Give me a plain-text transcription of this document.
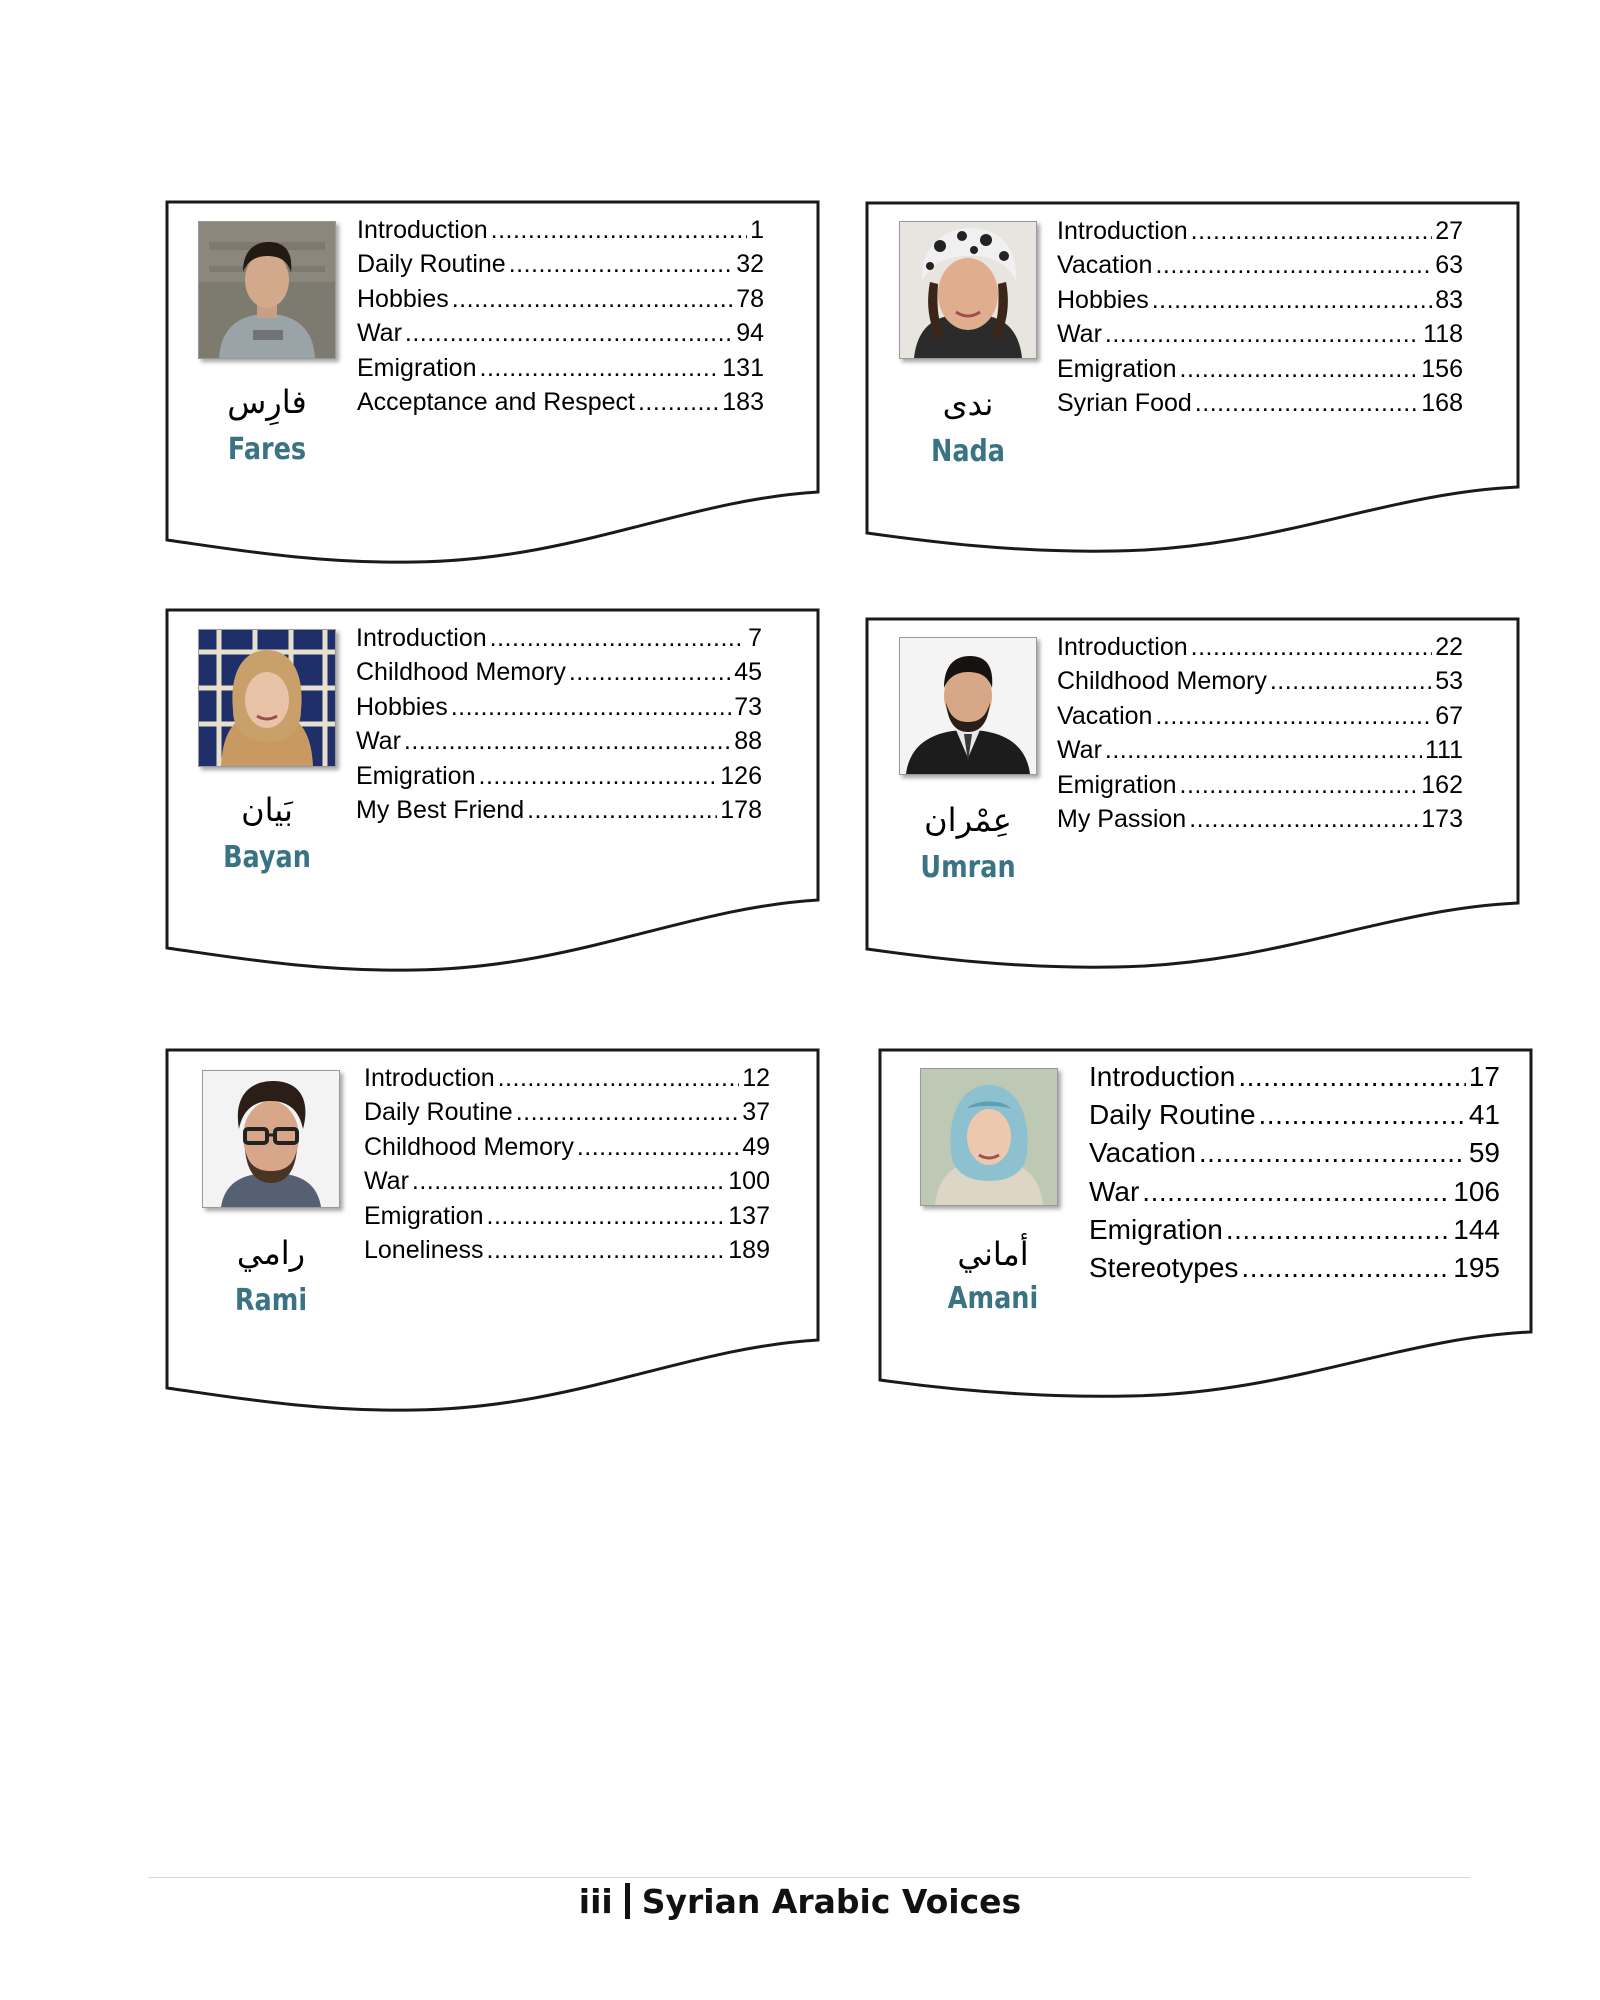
فارِس
Fares
Introduction .....	1
Daily Routine .....	32
Hobbies .....	78
War .....	94
Emigration .....	131
Acceptance and Respect .....	183	ندى
Nada
Introduction .....	27
Vacation .....	63
Hobbies .....	83
War .....	118
Emigration .....	156
Syrian Food .....	168
بَيان
Bayan
Introduction .....	7
Childhood Memory .....	45
Hobbies .....	73
War .....	88
Emigration .....	126
My Best Friend .....	178	عِمْران
Umran
Introduction .....	22
Childhood Memory .....	53
Vacation .....	67
War .....	111
Emigration .....	162
My Passion .....	173
رامي
Rami
Introduction .....	12
Daily Routine .....	37
Childhood Memory .....	49
War .....	100
Emigration .....	137
Loneliness .....	189	أماني
Amani
Introduction .....	17
Daily Routine .....	41
Vacation .....	59
War .....	106
Emigration .....	144
Stereotypes .....	195
iii Syrian Arabic Voices
